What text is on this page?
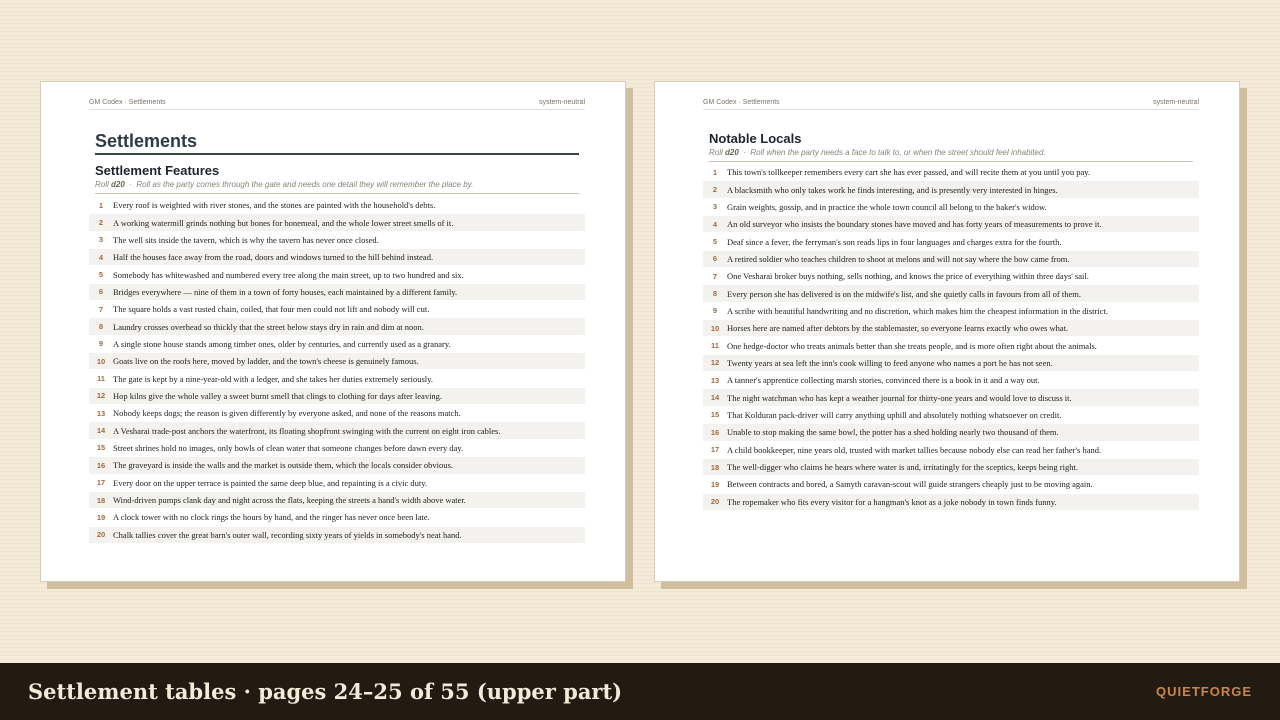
GM Codex · Settlements	system-neutral
Settlements
Settlement Features
Roll d20  ·  Roll as the party comes through the gate and needs one detail they will remember the place by.
1	Every roof is weighted with river stones, and the stones are painted with the household's debts.
2	A working watermill grinds nothing but bones for bonemeal, and the whole lower street smells of it.
3	The well sits inside the tavern, which is why the tavern has never once closed.
4	Half the houses face away from the road, doors and windows turned to the hill behind instead.
5	Somebody has whitewashed and numbered every tree along the main street, up to two hundred and six.
6	Bridges everywhere — nine of them in a town of forty houses, each maintained by a different family.
7	The square holds a vast rusted chain, coiled, that four men could not lift and nobody will cut.
8	Laundry crosses overhead so thickly that the street below stays dry in rain and dim at noon.
9	A single stone house stands among timber ones, older by centuries, and currently used as a granary.
10 Goats live on the roofs here, moved by ladder, and the town's cheese is genuinely famous.
11 The gate is kept by a nine-year-old with a ledger, and she takes her duties extremely seriously.
12 Hop kilns give the whole valley a sweet burnt smell that clings to clothing for days after leaving.
13 Nobody keeps dogs; the reason is given differently by everyone asked, and none of the reasons match.
14 A Vesharai trade-post anchors the waterfront, its floating shopfront swinging with the current on eight iron cables.
15 Street shrines hold no images, only bowls of clean water that someone changes before dawn every day.
16 The graveyard is inside the walls and the market is outside them, which the locals consider obvious.
17 Every door on the upper terrace is painted the same deep blue, and repainting is a civic duty.
18 Wind-driven pumps clank day and night across the flats, keeping the streets a hand's width above water.
19 A clock tower with no clock rings the hours by hand, and the ringer has never once been late.
20 Chalk tallies cover the great barn's outer wall, recording sixty years of yields in somebody's neat hand.
GM Codex · Settlements	system-neutral
Notable Locals
Roll d20  ·  Roll when the party needs a face to talk to, or when the street should feel inhabited.
1	This town's tollkeeper remembers every cart she has ever passed, and will recite them at you until you pay.
2	A blacksmith who only takes work he finds interesting, and is presently very interested in hinges.
3	Grain weights, gossip, and in practice the whole town council all belong to the baker's widow.
4	An old surveyor who insists the boundary stones have moved and has forty years of measurements to prove it.
5	Deaf since a fever, the ferryman's son reads lips in four languages and charges extra for the fourth.
6	A retired soldier who teaches children to shoot at melons and will not say where the bow came from.
7	One Vesharai broker buys nothing, sells nothing, and knows the price of everything within three days' sail.
8	Every person she has delivered is on the midwife's list, and she quietly calls in favours from all of them.
9	A scribe with beautiful handwriting and no discretion, which makes him the cheapest information in the district.
10 Horses here are named after debtors by the stablemaster, so everyone learns exactly who owes what.
11 One hedge-doctor who treats animals better than she treats people, and is more often right about the animals.
12 Twenty years at sea left the inn's cook willing to feed anyone who names a port he has not seen.
13 A tanner's apprentice collecting marsh stories, convinced there is a book in it and a way out.
14 The night watchman who has kept a weather journal for thirty-one years and would love to discuss it.
15 That Kolduran pack-driver will carry anything uphill and absolutely nothing whatsoever on credit.
16 Unable to stop making the same bowl, the potter has a shed holding nearly two thousand of them.
17 A child bookkeeper, nine years old, trusted with market tallies because nobody else can read her father's hand.
18 The well-digger who claims he hears where water is and, irritatingly for the sceptics, keeps being right.
19 Between contracts and bored, a Samyth caravan-scout will guide strangers cheaply just to be moving again.
20 The ropemaker who fits every visitor for a hangman's knot as a joke nobody in town finds funny.
Settlement tables · pages 24–25 of 55 (upper part)	QUIETFORGE
